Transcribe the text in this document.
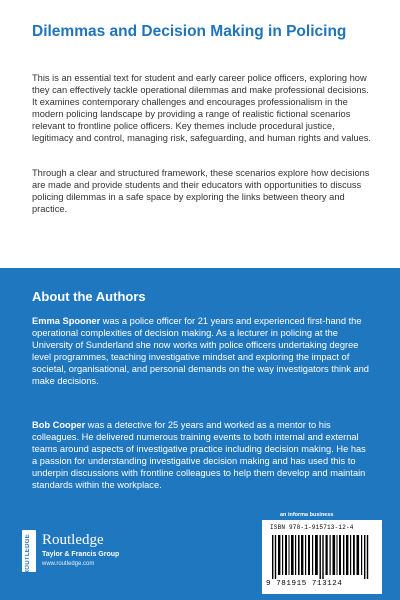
Dilemmas and Decision Making in Policing
This is an essential text for student and early career police officers, exploring how they can effectively tackle operational dilemmas and make professional decisions. It examines contemporary challenges and encourages professionalism in the modern policing landscape by providing a range of realistic fictional scenarios relevant to frontline police officers. Key themes include procedural justice, legitimacy and control, managing risk, safeguarding, and human rights and values.
Through a clear and structured framework, these scenarios explore how decisions are made and provide students and their educators with opportunities to discuss policing dilemmas in a safe space by exploring the links between theory and practice.
About the Authors
Emma Spooner was a police officer for 21 years and experienced first-hand the operational complexities of decision making. As a lecturer in policing at the University of Sunderland she now works with police officers undertaking degree level programmes, teaching investigative mindset and exploring the impact of societal, organisational, and personal demands on the way investigators think and make decisions.
Bob Cooper was a detective for 25 years and worked as a mentor to his colleagues. He delivered numerous training events to both internal and external teams around aspects of investigative practice including decision making. He has a passion for understanding investigative decision making and has used this to underpin discussions with frontline colleagues to help them develop and maintain standards within the workplace.
an informa business
ISBN 978-1-915713-12-4
9 781915 713124
ROUTLEDGE Routledge
Taylor & Francis Group
www.routledge.com
